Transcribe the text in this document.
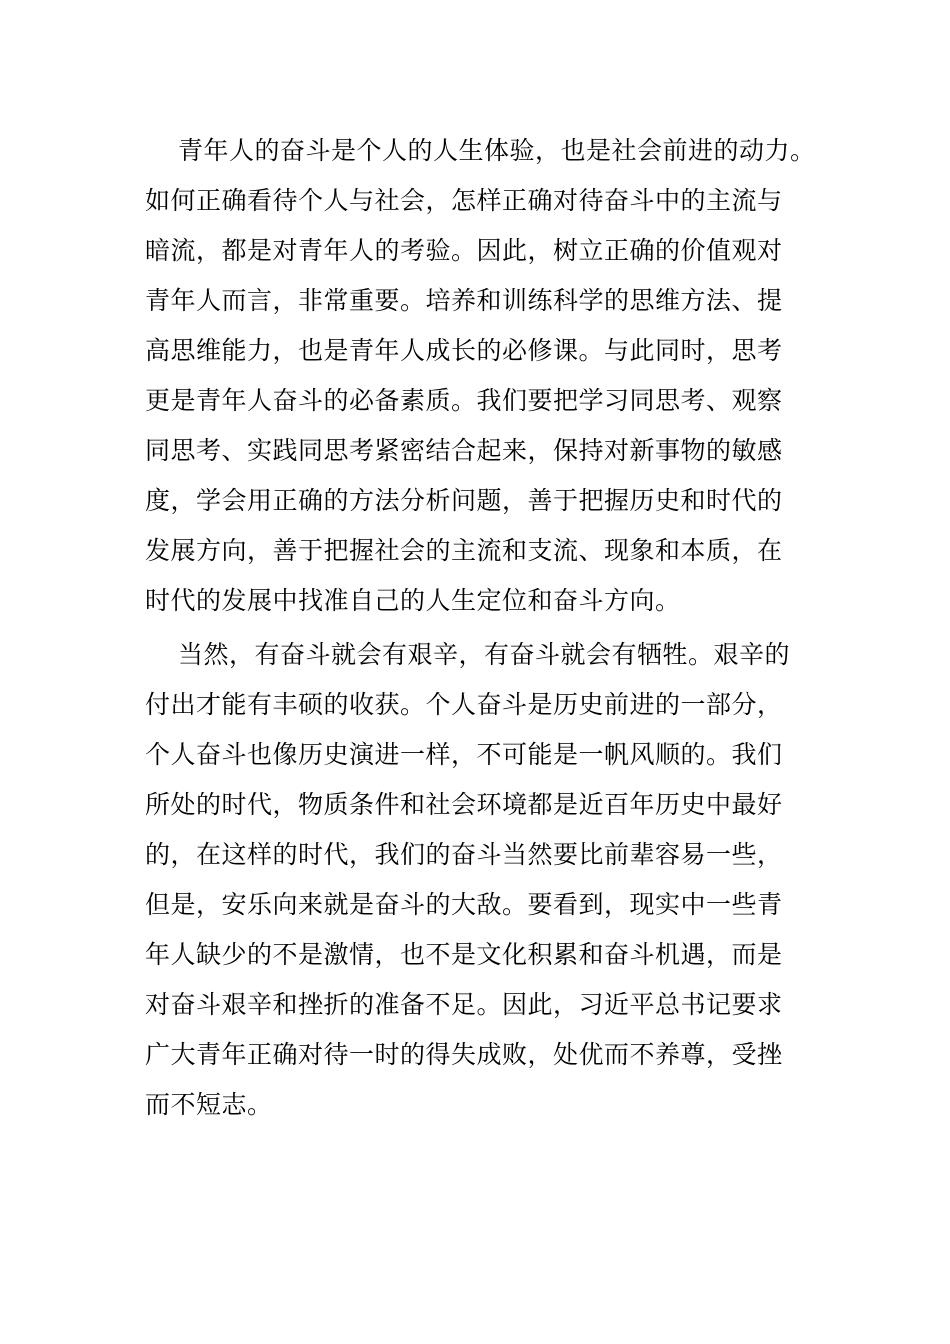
青年人的奋斗是个人的人生体验，也是社会前进的动力。
如何正确看待个人与社会，怎样正确对待奋斗中的主流与
暗流，都是对青年人的考验。因此，树立正确的价值观对
青年人而言，非常重要。培养和训练科学的思维方法、提
高思维能力，也是青年人成长的必修课。与此同时，思考
更是青年人奋斗的必备素质。我们要把学习同思考、观察
同思考、实践同思考紧密结合起来，保持对新事物的敏感
度，学会用正确的方法分析问题，善于把握历史和时代的
发展方向，善于把握社会的主流和支流、现象和本质，在
时代的发展中找准自己的人生定位和奋斗方向。
当然，有奋斗就会有艰辛，有奋斗就会有牺牲。艰辛的
付出才能有丰硕的收获。个人奋斗是历史前进的一部分，
个人奋斗也像历史演进一样，不可能是一帆风顺的。我们
所处的时代，物质条件和社会环境都是近百年历史中最好
的，在这样的时代，我们的奋斗当然要比前辈容易一些，
但是，安乐向来就是奋斗的大敌。要看到，现实中一些青
年人缺少的不是激情，也不是文化积累和奋斗机遇，而是
对奋斗艰辛和挫折的准备不足。因此，习近平总书记要求
广大青年正确对待一时的得失成败，处优而不养尊，受挫
而不短志。
